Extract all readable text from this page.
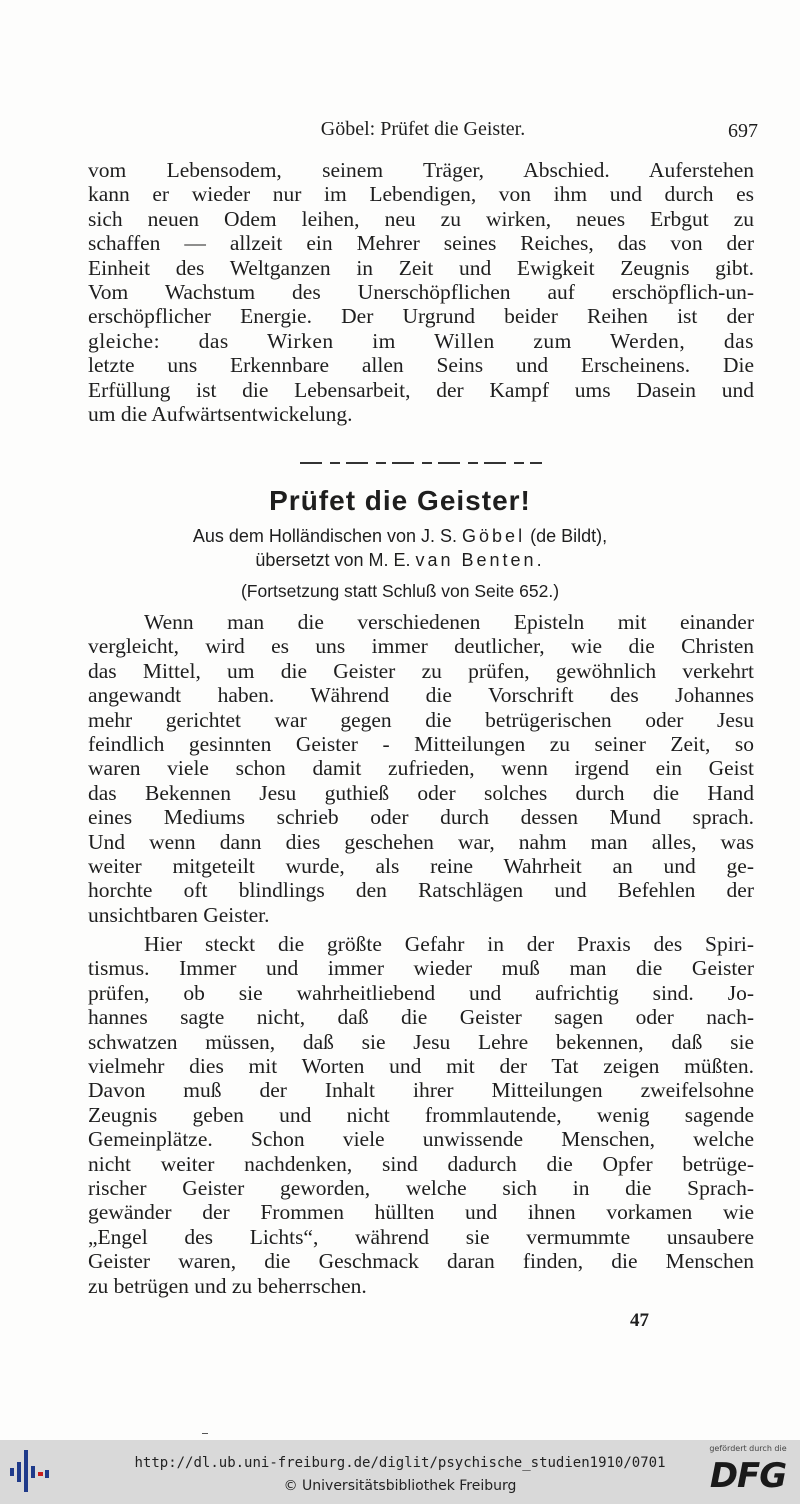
Göbel: Prüfet die Geister.	697
vom Lebensodem, seinem Träger, Abschied. Auferstehen
kann er wieder nur im Lebendigen, von ihm und durch es
sich neuen Odem leihen, neu zu wirken, neues Erbgut zu
schaffen — allzeit ein Mehrer seines Reiches, das von der
Einheit des Weltganzen in Zeit und Ewigkeit Zeugnis gibt.
Vom Wachstum des Unerschöpflichen auf erschöpflich-un-
erschöpflicher Energie. Der Urgrund beider Reihen ist der
gleiche: das Wirken im Willen zum Werden, das
letzte uns Erkennbare allen Seins und Erscheinens. Die
Erfüllung ist die Lebensarbeit, der Kampf ums Dasein und
um die Aufwärtsentwickelung.
Prüfet die Geister!
Aus dem Holländischen von J. S. Göbel (de Bildt),
übersetzt von M. E. van Benten.
(Fortsetzung statt Schluß von Seite 652.)
Wenn man die verschiedenen Episteln mit einander
vergleicht, wird es uns immer deutlicher, wie die Christen
das Mittel, um die Geister zu prüfen, gewöhnlich verkehrt
angewandt haben. Während die Vorschrift des Johannes
mehr gerichtet war gegen die betrügerischen oder Jesu
feindlich gesinnten Geister - Mitteilungen zu seiner Zeit, so
waren viele schon damit zufrieden, wenn irgend ein Geist
das Bekennen Jesu guthieß oder solches durch die Hand
eines Mediums schrieb oder durch dessen Mund sprach.
Und wenn dann dies geschehen war, nahm man alles, was
weiter mitgeteilt wurde, als reine Wahrheit an und ge-
horchte oft blindlings den Ratschlägen und Befehlen der
unsichtbaren Geister.
Hier steckt die größte Gefahr in der Praxis des Spiri-
tismus. Immer und immer wieder muß man die Geister
prüfen, ob sie wahrheitliebend und aufrichtig sind. Jo-
hannes sagte nicht, daß die Geister sagen oder nach-
schwatzen müssen, daß sie Jesu Lehre bekennen, daß sie
vielmehr dies mit Worten und mit der Tat zeigen müßten.
Davon muß der Inhalt ihrer Mitteilungen zweifelsohne
Zeugnis geben und nicht frommlautende, wenig sagende
Gemeinplätze. Schon viele unwissende Menschen, welche
nicht weiter nachdenken, sind dadurch die Opfer betrüge-
rischer Geister geworden, welche sich in die Sprach-
gewänder der Frommen hüllten und ihnen vorkamen wie
„Engel des Lichts“, während sie vermummte unsaubere
Geister waren, die Geschmack daran finden, die Menschen
zu betrügen und zu beherrschen.
47
http://dl.ub.uni-freiburg.de/diglit/psychische_studien1910/0701
© Universitätsbibliothek Freiburg
gefördert durch die
DFG
